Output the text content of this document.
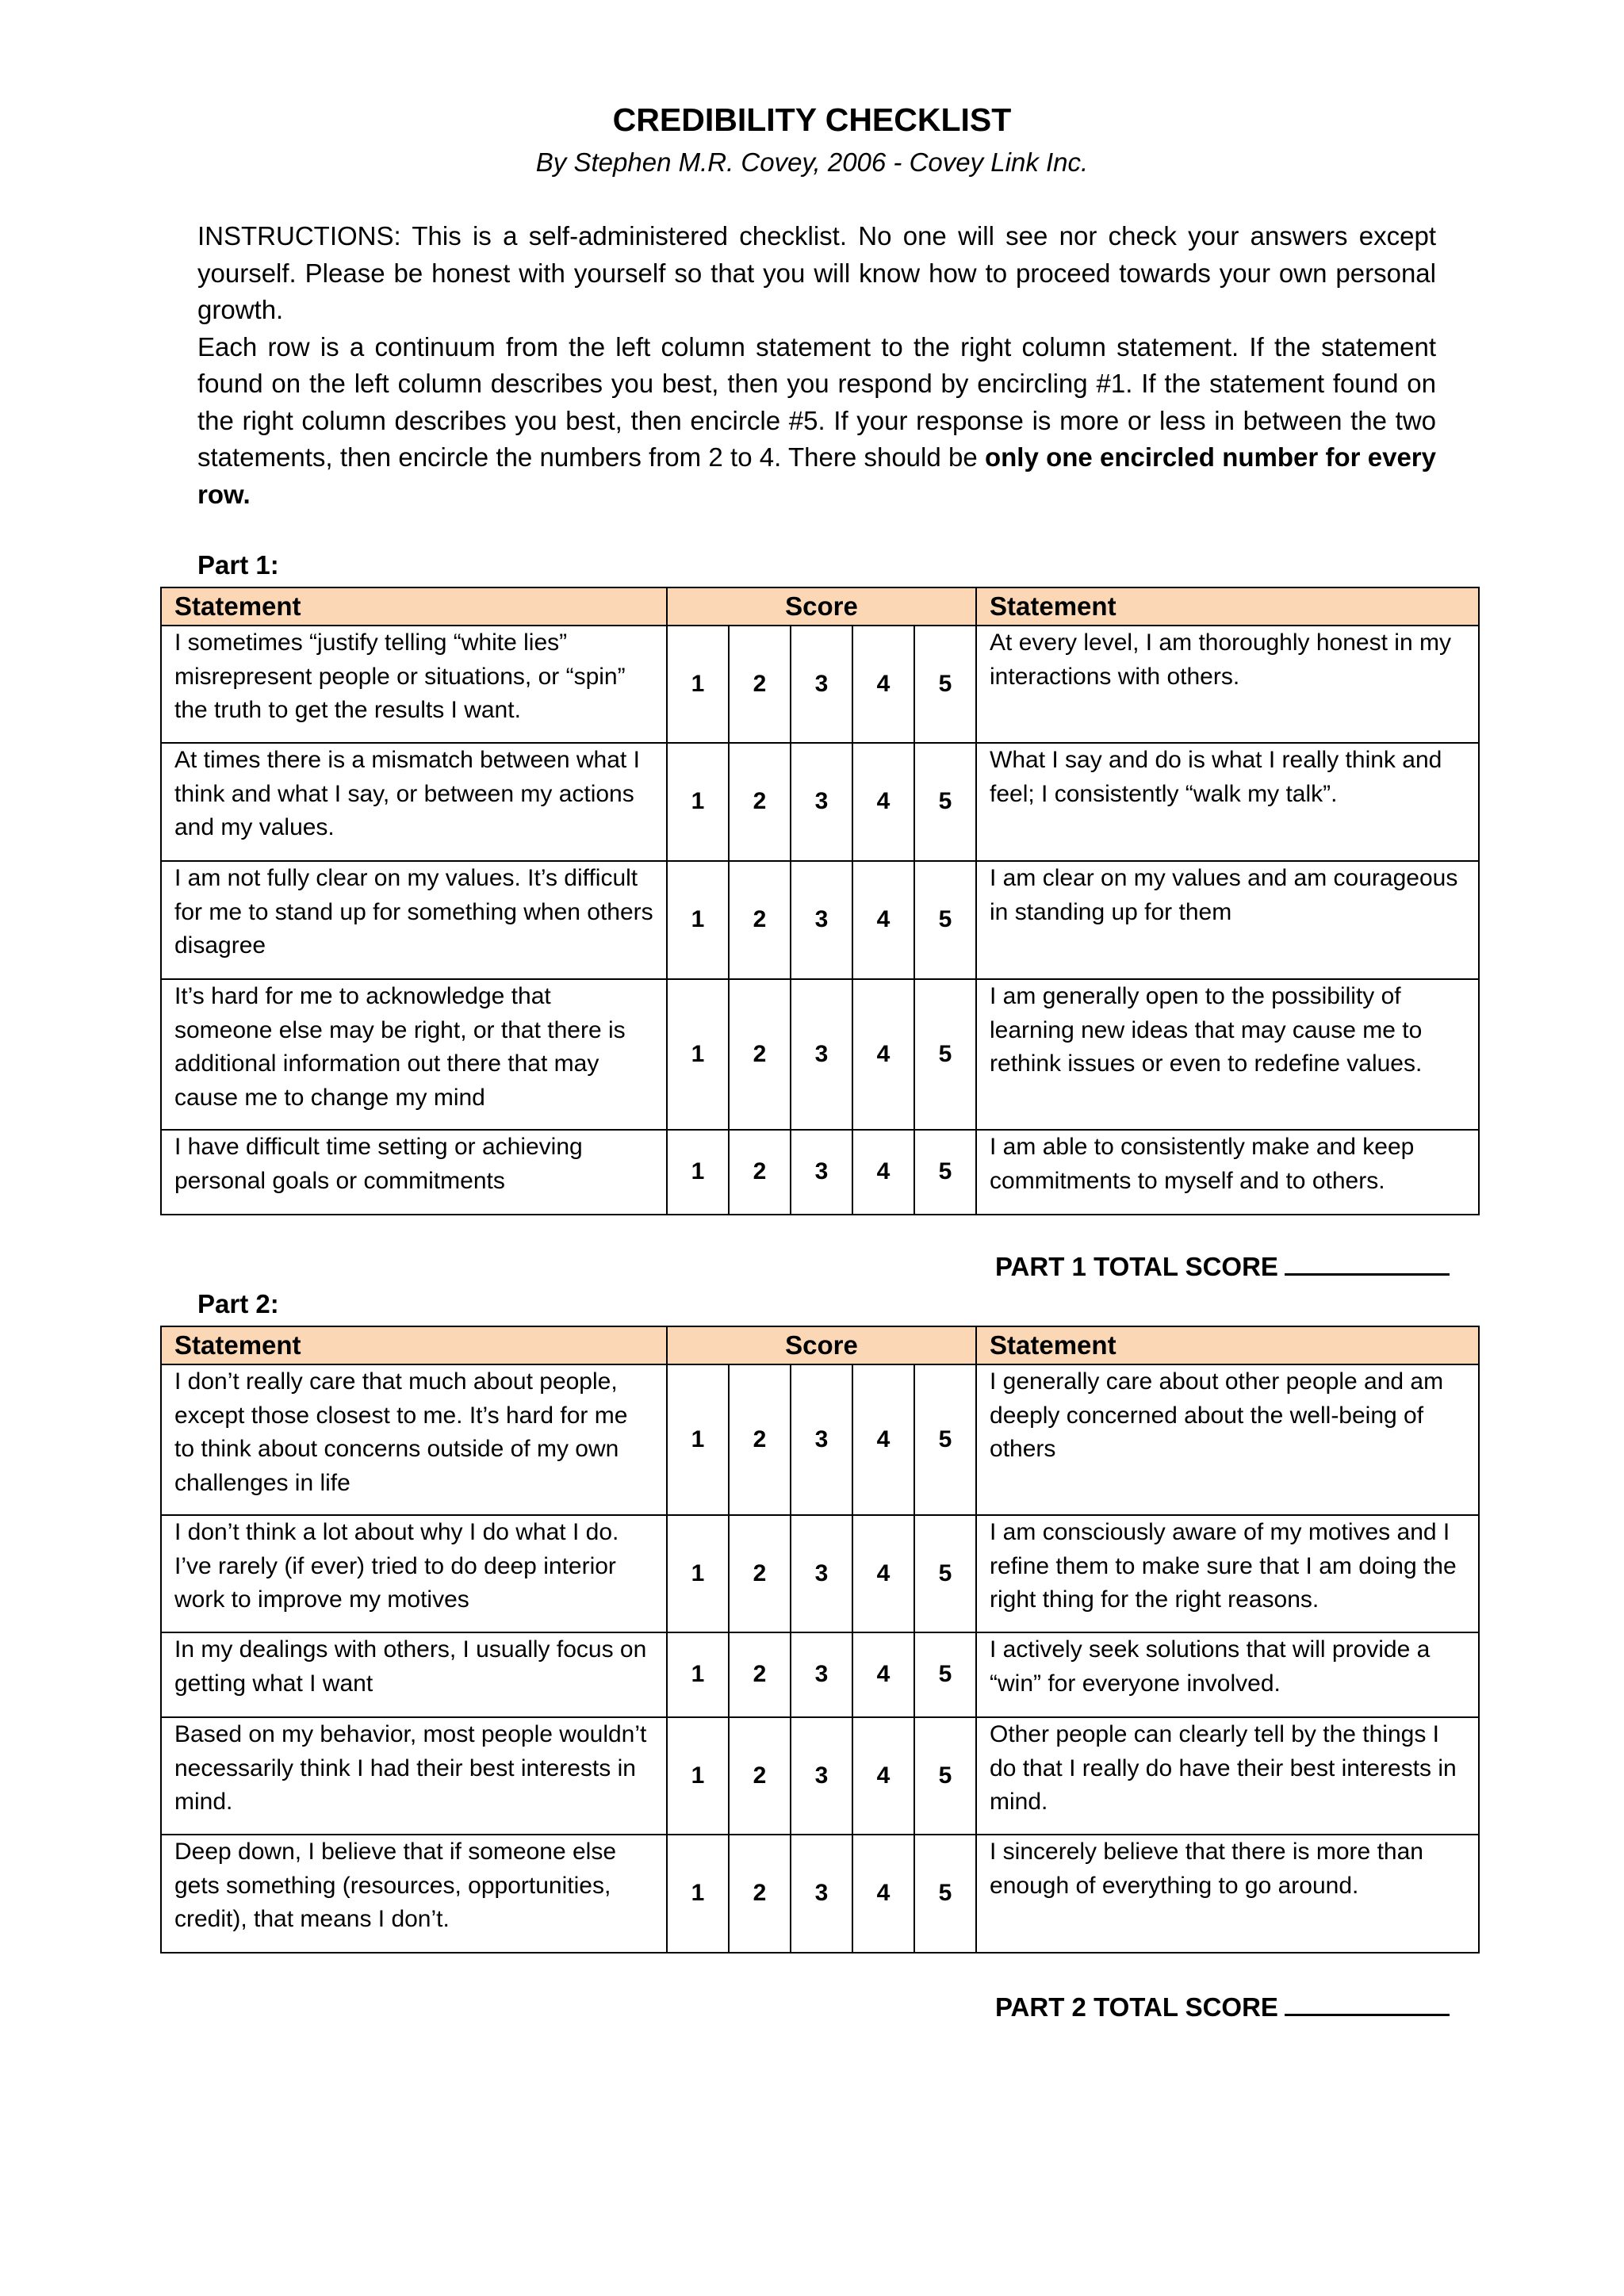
CREDIBILITY CHECKLIST
By Stephen M.R. Covey, 2006 - Covey Link Inc.

INSTRUCTIONS: This is a self-administered checklist. No one will see nor check your answers except yourself. Please be honest with yourself so that you will know how to proceed towards your own personal growth.

Each row is a continuum from the left column statement to the right column statement. If the statement found on the left column describes you best, then you respond by encircling #1. If the statement found on the right column describes you best, then encircle #5. If your response is more or less in between the two statements, then encircle the numbers from 2 to 4. There should be only one encircled number for every row.

Part 1:
Statement	Score					Statement
I sometimes “justify telling “white lies” misrepresent people or situations, or “spin” the truth to get the results I want.	1	2	3	4	5	At every level, I am thoroughly honest in my interactions with others.
At times there is a mismatch between what I think and what I say, or between my actions and my values.	1	2	3	4	5	What I say and do is what I really think and feel; I consistently “walk my talk”.
I am not fully clear on my values. It’s difficult for me to stand up for something when others disagree	1	2	3	4	5	I am clear on my values and am courageous in standing up for them
It’s hard for me to acknowledge that someone else may be right, or that there is additional information out there that may cause me to change my mind	1	2	3	4	5	I am generally open to the possibility of learning new ideas that may cause me to rethink issues or even to redefine values.
I have difficult time setting or achieving personal goals or commitments	1	2	3	4	5	I am able to consistently make and keep commitments to myself and to others.
PART 1 TOTAL SCORE
Part 2:
Statement	Score					Statement
I don’t really care that much about people, except those closest to me. It’s hard for me to think about concerns outside of my own challenges in life	1	2	3	4	5	I generally care about other people and am deeply concerned about the well-being of others
I don’t think a lot about why I do what I do. I’ve rarely (if ever) tried to do deep interior work to improve my motives	1	2	3	4	5	I am consciously aware of my motives and I refine them to make sure that I am doing the right thing for the right reasons.
In my dealings with others, I usually focus on getting what I want	1	2	3	4	5	I actively seek solutions that will provide a “win” for everyone involved.
Based on my behavior, most people wouldn’t necessarily think I had their best interests in mind.	1	2	3	4	5	Other people can clearly tell by the things I do that I really do have their best interests in mind.
Deep down, I believe that if someone else gets something (resources, opportunities, credit), that means I don’t.	1	2	3	4	5	I sincerely believe that there is more than enough of everything to go around.
PART 2 TOTAL SCORE
